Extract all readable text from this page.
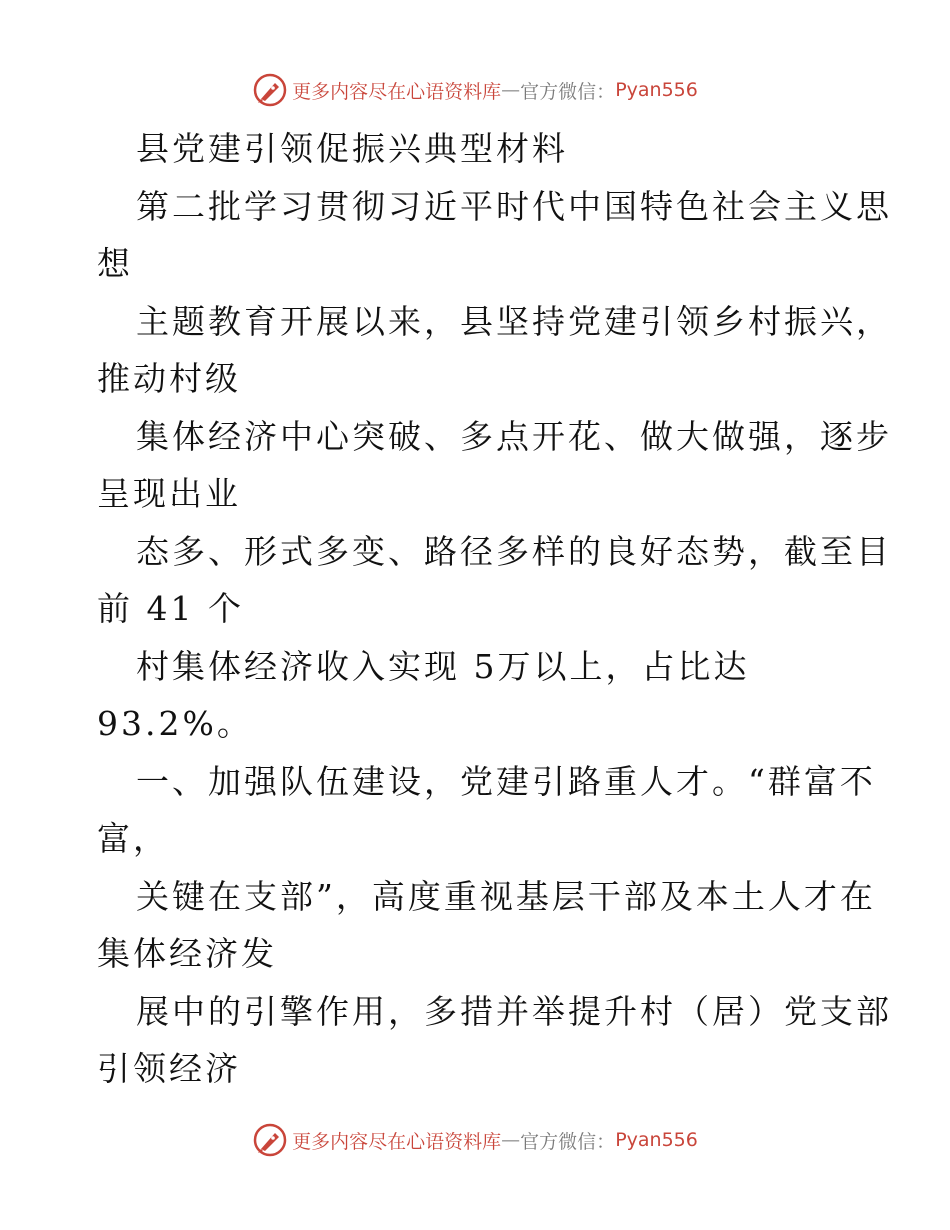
更多内容尽在心语资料库 — 官方微信： Pyan556
县党建引领促振兴典型材料
第二批学习贯彻习近平时代中国特色社会主义思
想
主题教育开展以来，县坚持党建引领乡村振兴，
推动村级
集体经济中心突破、多点开花、做大做强，逐步
呈现出业
态多、形式多变、路径多样的良好态势，截至目
前 41 个
村集体经济收入实现 5万以上，占比达
93.2%。
一、加强队伍建设，党建引路重人才。“群富不
富，
关键在支部”，高度重视基层干部及本土人才在
集体经济发
展中的引擎作用，多措并举提升村（居）党支部
引领经济
更多内容尽在心语资料库 — 官方微信： Pyan556
